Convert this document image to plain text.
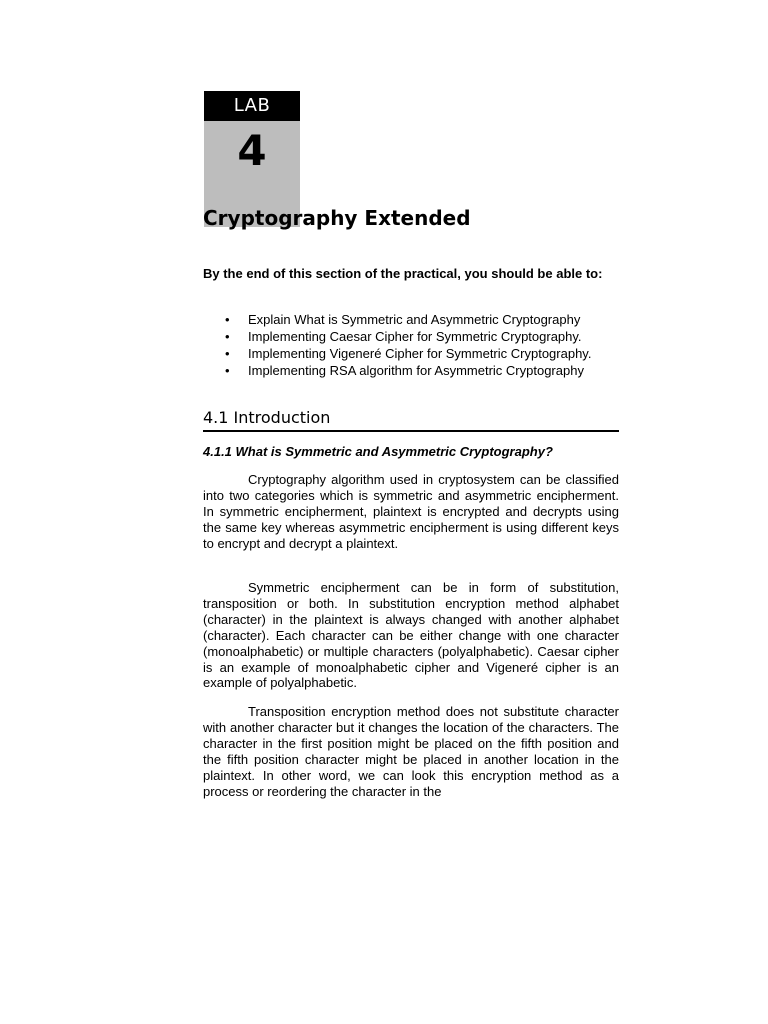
LAB
4
Cryptography Extended

By the end of this section of the practical, you should be able to:

• Explain What is Symmetric and Asymmetric Cryptography
• Implementing Caesar Cipher for Symmetric Cryptography.
• Implementing Vigeneré Cipher for Symmetric Cryptography.
• Implementing RSA algorithm for Asymmetric Cryptography
4.1 Introduction
4.1.1 What is Symmetric and Asymmetric Cryptography?

Cryptography algorithm used in cryptosystem can be classified into two categories which is symmetric and asymmetric encipherment. In symmetric encipherment, plaintext is encrypted and decrypts using the same key whereas asymmetric encipherment is using different keys to encrypt and decrypt a plaintext.

Symmetric encipherment can be in form of substitution, transposition or both. In substitution encryption method alphabet (character) in the plaintext is always changed with another alphabet (character). Each character can be either change with one character (monoalphabetic) or multiple characters (polyalphabetic). Caesar cipher is an example of monoalphabetic cipher and Vigeneré cipher is an example of polyalphabetic.

Transposition encryption method does not substitute character with another character but it changes the location of the characters. The character in the first position might be placed on the fifth position and the fifth position character might be placed in another location in the plaintext. In other word, we can look this encryption method as a process or reordering the character in the
